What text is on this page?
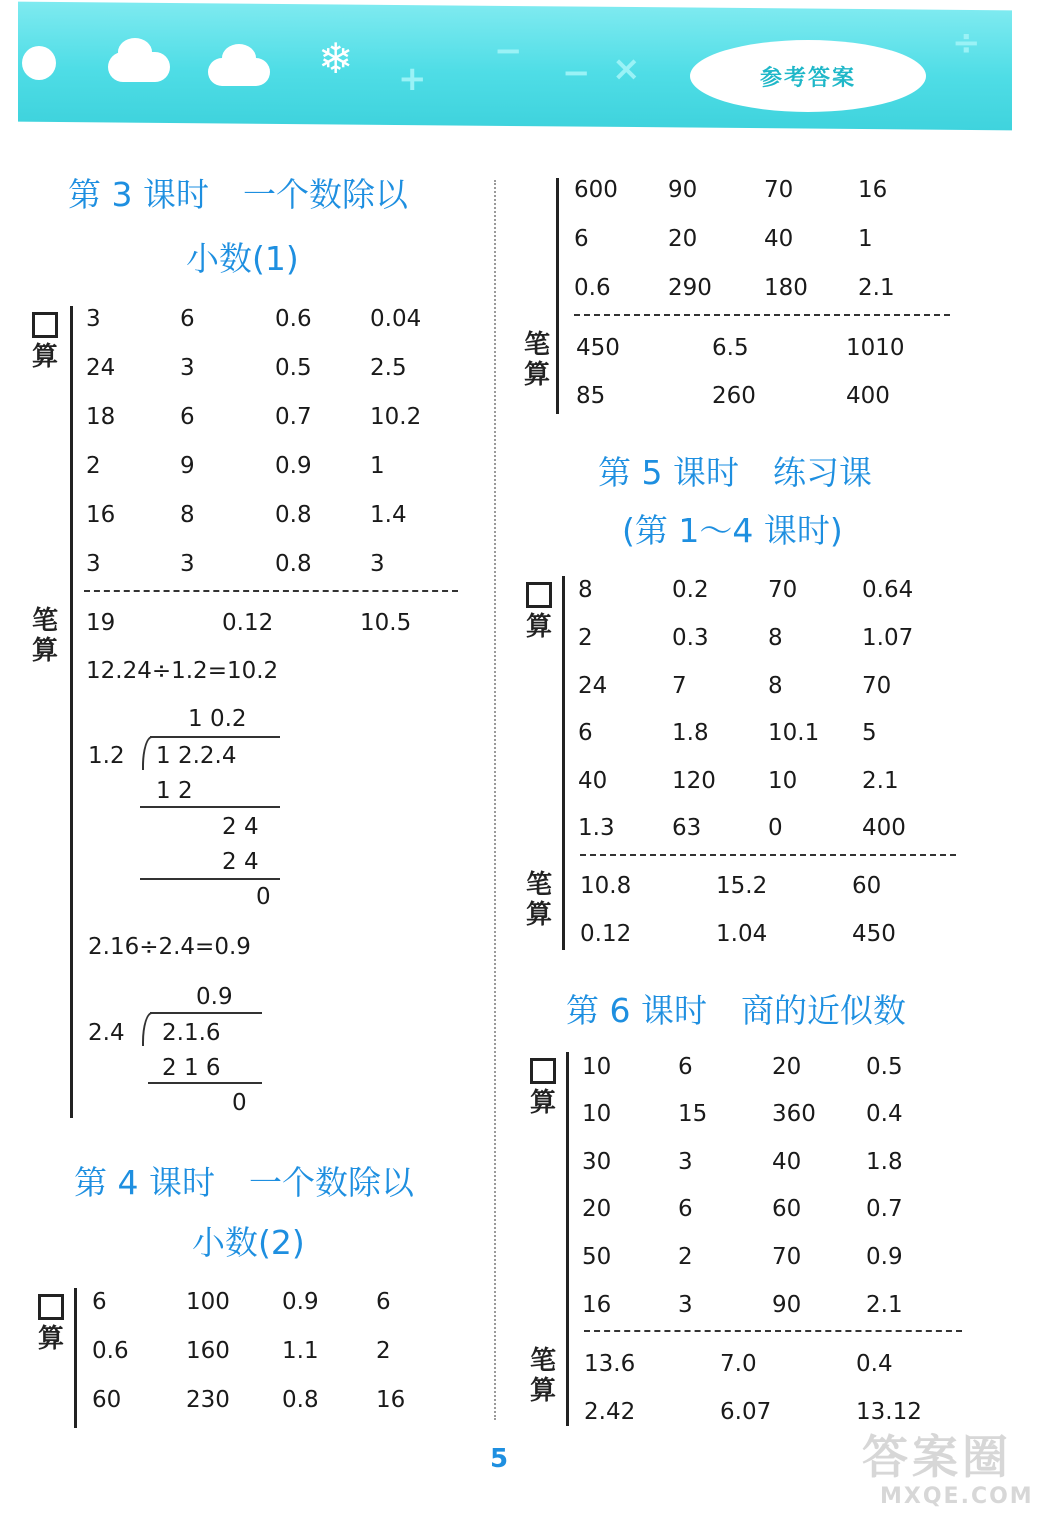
❄ +
−
− ×
÷
参考答案
第 3 课时 一个数除以
小数(1)
算
笔
算
3	6	0.6	0.04
24	3	0.5	2.5
18	6	0.7	10.2
2	9	0.9	1
16	8	0.8	1.4
3	3	0.8	3
19	0.12	10.5
12.24÷1.2=10.2
1 0.2
1.2 1 2.2.4
1 2
2 4
2 4
0
2.16÷2.4=0.9
0.9
2.4 2.1.6
2 1 6
0
第 4 课时 一个数除以
小数(2)
算
6	100 0.9 6
0.6 160 1.1 2
60	230 0.8 16
600 90	70	16
6	20	40	1
0.6 290 180 2.1
笔
算
450	6.5	1010
85	260	400
第 5 课时 练习课
(第 1～4 课时)
算
8	0.2	70	0.64
2	0.3	8	1.07
24	7	8	70
6	1.8	10.1 5
40	120 10	2.1
1.3 63	0	400
笔
算
10.8	15.2	60
0.12	1.04	450
第 6 课时 商的近似数
算
10	6	20	0.5
10	15	360 0.4
30	3	40	1.8
20	6	60	0.7
50	2	70	0.9
16	3	90	2.1
笔
算
13.6	7.0	0.4
2.42	6.07	13.12
5	答案圈
MXQE.COM
